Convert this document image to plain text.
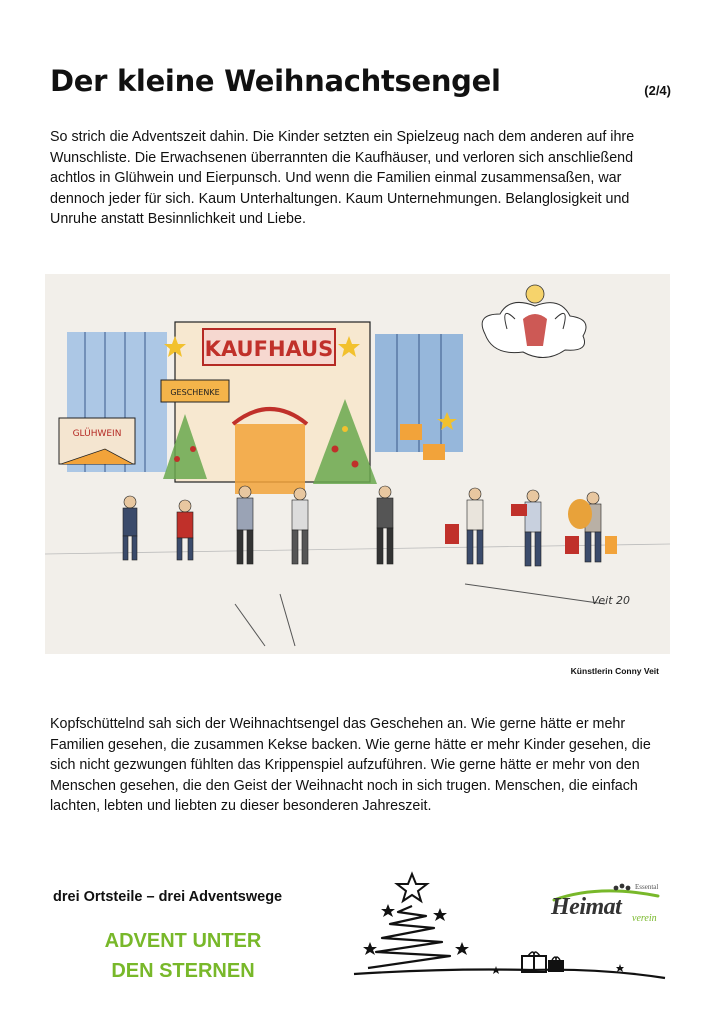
Der kleine Weihnachtsengel	(2/4)

So strich die Adventszeit dahin. Die Kinder setzten ein Spielzeug nach dem anderen auf ihre Wunschliste. Die Erwachsenen überrannten die Kaufhäuser, und verloren sich anschließend achtlos in Glühwein und Eierpunsch. Und wenn die Familien einmal zusammensaßen, war dennoch jeder für sich. Kaum Unterhaltungen. Kaum Unternehmungen. Belanglosigkeit und Unruhe anstatt Besinnlichkeit und Liebe.

KAUFHAUS
GESCHENKE
GLÜHWEIN
Veit 20
Künstlerin Conny Veit

Kopfschüttelnd sah sich der Weihnachtsengel das Geschehen an. Wie gerne hätte er mehr Familien gesehen, die zusammen Kekse backen. Wie gerne hätte er mehr Kinder gesehen, die sich nicht gezwungen fühlten das Krippenspiel aufzuführen. Wie gerne hätte er mehr von den Menschen gesehen, die den Geist der Weihnacht noch in sich trugen. Menschen, die einfach lachten, lebten und liebten zu dieser besonderen Jahreszeit.

drei Ortsteile – drei Adventswege
ADVENT UNTER
DEN STERNEN
Essental
Heimat verein
